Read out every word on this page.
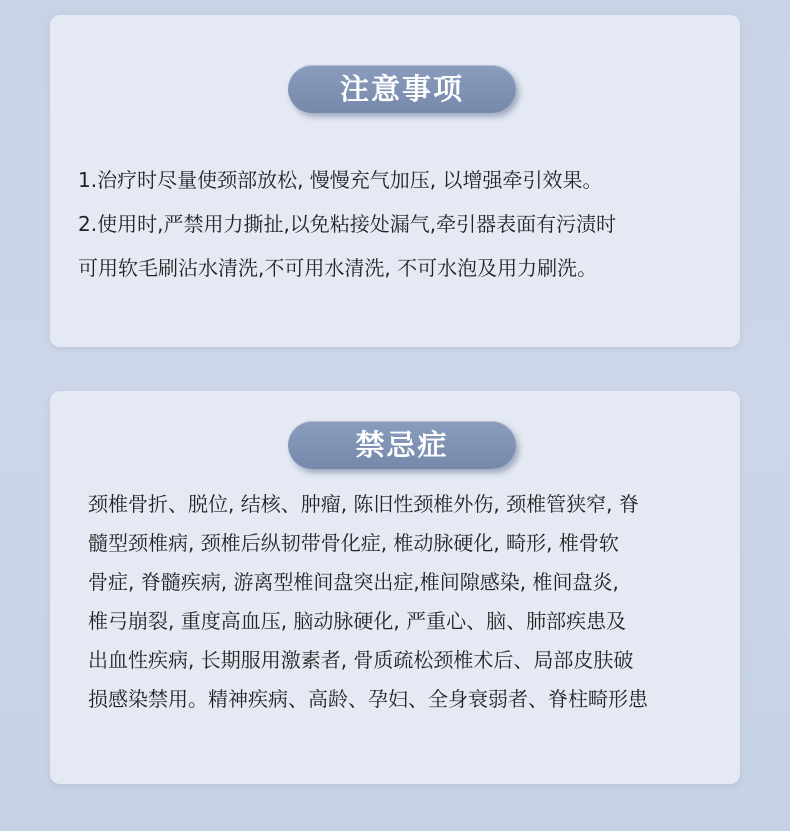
注意事项
1.治疗时尽量使颈部放松, 慢慢充气加压, 以增强牵引效果。
2.使用时,严禁用力撕扯,以免粘接处漏气,牵引器表面有污渍时
可用软毛刷沾水清洗,不可用水清洗, 不可水泡及用力刷洗。
禁忌症
颈椎骨折、脱位, 结核、肿瘤, 陈旧性颈椎外伤, 颈椎管狭窄, 脊
髓型颈椎病, 颈椎后纵韧带骨化症, 椎动脉硬化, 畸形, 椎骨软
骨症, 脊髓疾病, 游离型椎间盘突出症,椎间隙感染, 椎间盘炎,
椎弓崩裂, 重度高血压, 脑动脉硬化, 严重心、脑、肺部疾患及
出血性疾病, 长期服用激素者, 骨质疏松颈椎术后、局部皮肤破
损感染禁用。精神疾病、高龄、孕妇、全身衰弱者、脊柱畸形患
